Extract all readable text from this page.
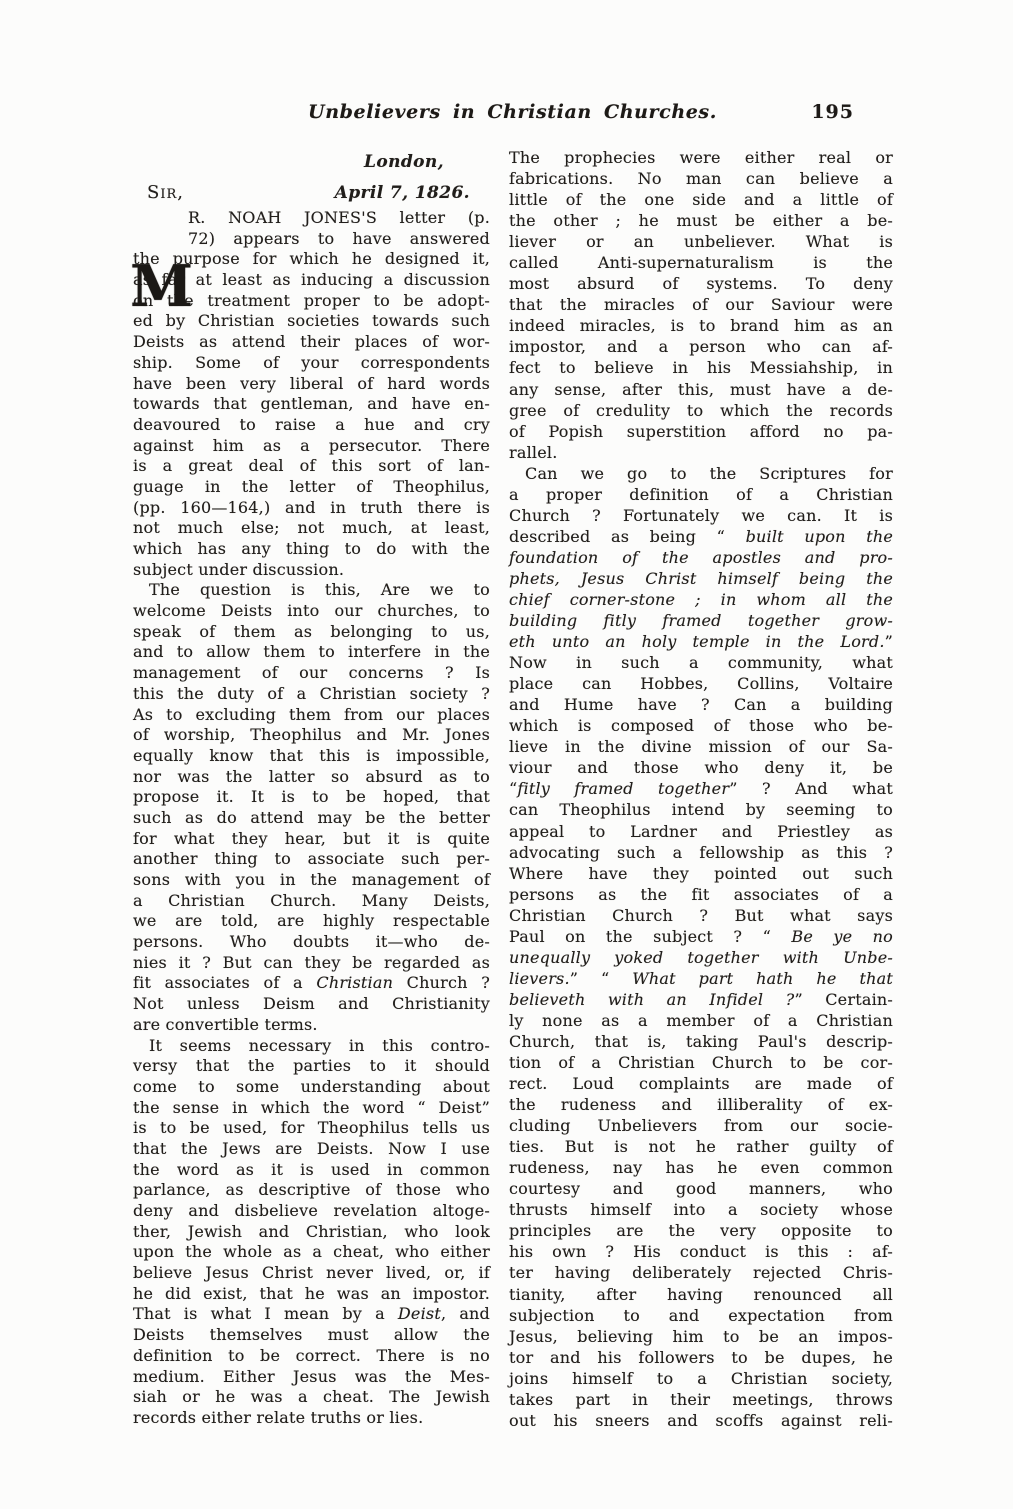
Unbelievers in Christian Churches.	195
London,
Sir,	April 7, 1826.
M
R. NOAH JONES'S letter (p.
72) appears to have answered
the purpose for which he designed it,
as far at least as inducing a discussion
on the treatment proper to be adopt-
ed by Christian societies towards such
Deists as attend their places of wor-
ship. Some of your correspondents
have been very liberal of hard words
towards that gentleman, and have en-
deavoured to raise a hue and cry
against him as a persecutor. There
is a great deal of this sort of lan-
guage in the letter of Theophilus,
(pp. 160—164,) and in truth there is
not much else; not much, at least,
which has any thing to do with the
subject under discussion.
The question is this, Are we to
welcome Deists into our churches, to
speak of them as belonging to us,
and to allow them to interfere in the
management of our concerns ? Is
this the duty of a Christian society ?
As to excluding them from our places
of worship, Theophilus and Mr. Jones
equally know that this is impossible,
nor was the latter so absurd as to
propose it. It is to be hoped, that
such as do attend may be the better
for what they hear, but it is quite
another thing to associate such per-
sons with you in the management of
a Christian Church. Many Deists,
we are told, are highly respectable
persons. Who doubts it—who de-
nies it ? But can they be regarded as
fit associates of a Christian Church ?
Not unless Deism and Christianity
are convertible terms.
It seems necessary in this contro-
versy that the parties to it should
come to some understanding about
the sense in which the word “ Deist”
is to be used, for Theophilus tells us
that the Jews are Deists. Now I use
the word as it is used in common
parlance, as descriptive of those who
deny and disbelieve revelation altoge-
ther, Jewish and Christian, who look
upon the whole as a cheat, who either
believe Jesus Christ never lived, or, if
he did exist, that he was an impostor.
That is what I mean by a Deist, and
Deists themselves must allow the
definition to be correct. There is no
medium. Either Jesus was the Mes-
siah or he was a cheat. The Jewish
records either relate truths or lies.
The prophecies were either real or
fabrications. No man can believe a
little of the one side and a little of
the other ; he must be either a be-
liever or an unbeliever. What is
called Anti-supernaturalism is the
most absurd of systems. To deny
that the miracles of our Saviour were
indeed miracles, is to brand him as an
impostor, and a person who can af-
fect to believe in his Messiahship, in
any sense, after this, must have a de-
gree of credulity to which the records
of Popish superstition afford no pa-
rallel.
Can we go to the Scriptures for
a proper definition of a Christian
Church ? Fortunately we can. It is
described as being “ built upon the
foundation of the apostles and pro-
phets, Jesus Christ himself being the
chief corner-stone ; in whom all the
building fitly framed together grow-
eth unto an holy temple in the Lord.”
Now in such a community, what
place can Hobbes, Collins, Voltaire
and Hume have ? Can a building
which is composed of those who be-
lieve in the divine mission of our Sa-
viour and those who deny it, be
“fitly framed together” ? And what
can Theophilus intend by seeming to
appeal to Lardner and Priestley as
advocating such a fellowship as this ?
Where have they pointed out such
persons as the fit associates of a
Christian Church ? But what says
Paul on the subject ? “ Be ye no
unequally yoked together with Unbe-
lievers.” “ What part hath he that
believeth with an Infidel ?” Certain-
ly none as a member of a Christian
Church, that is, taking Paul's descrip-
tion of a Christian Church to be cor-
rect. Loud complaints are made of
the rudeness and illiberality of ex-
cluding Unbelievers from our socie-
ties. But is not he rather guilty of
rudeness, nay has he even common
courtesy and good manners, who
thrusts himself into a society whose
principles are the very opposite to
his own ? His conduct is this : af-
ter having deliberately rejected Chris-
tianity, after having renounced all
subjection to and expectation from
Jesus, believing him to be an impos-
tor and his followers to be dupes, he
joins himself to a Christian society,
takes part in their meetings, throws
out his sneers and scoffs against reli-
